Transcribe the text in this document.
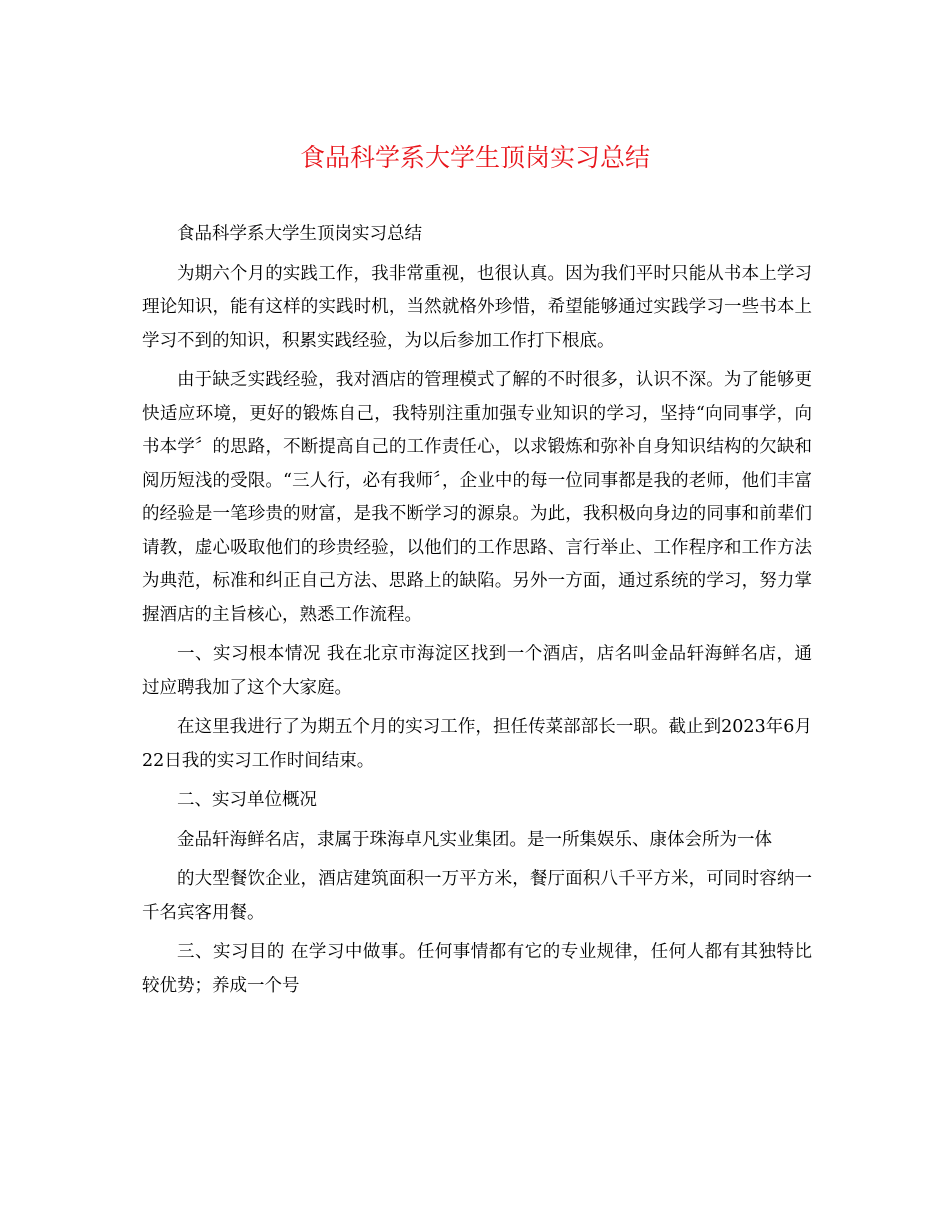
食品科学系大学生顶岗实习总结

食品科学系大学生顶岗实习总结

为期六个月的实践工作，我非常重视，也很认真。因为我们平时只能从书本上学习理论知识，能有这样的实践时机，当然就格外珍惜，希望能够通过实践学习一些书本上学习不到的知识，积累实践经验，为以后参加工作打下根底。

由于缺乏实践经验，我对酒店的管理模式了解的不时很多，认识不深。为了能够更快适应环境，更好的锻炼自己，我特别注重加强专业知识的学习，坚持“向同事学，向书本学〞的思路，不断提高自己的工作责任心，以求锻炼和弥补自身知识结构的欠缺和阅历短浅的受限。“三人行，必有我师〞，企业中的每一位同事都是我的老师，他们丰富的经验是一笔珍贵的财富，是我不断学习的源泉。为此，我积极向身边的同事和前辈们请教，虚心吸取他们的珍贵经验，以他们的工作思路、言行举止、工作程序和工作方法为典范，标准和纠正自己方法、思路上的缺陷。另外一方面，通过系统的学习，努力掌握酒店的主旨核心，熟悉工作流程。

一、实习根本情况 我在北京市海淀区找到一个酒店，店名叫金品轩海鲜名店，通过应聘我加了这个大家庭。

在这里我进行了为期五个月的实习工作，担任传菜部部长一职。截止到2023年6月22日我的实习工作时间结束。

二、实习单位概况

金品轩海鲜名店，隶属于珠海卓凡实业集团。是一所集娱乐、康体会所为一体

的大型餐饮企业，酒店建筑面积一万平方米，餐厅面积八千平方米，可同时容纳一千名宾客用餐。

三、实习目的 在学习中做事。任何事情都有它的专业规律，任何人都有其独特比较优势；养成一个号
